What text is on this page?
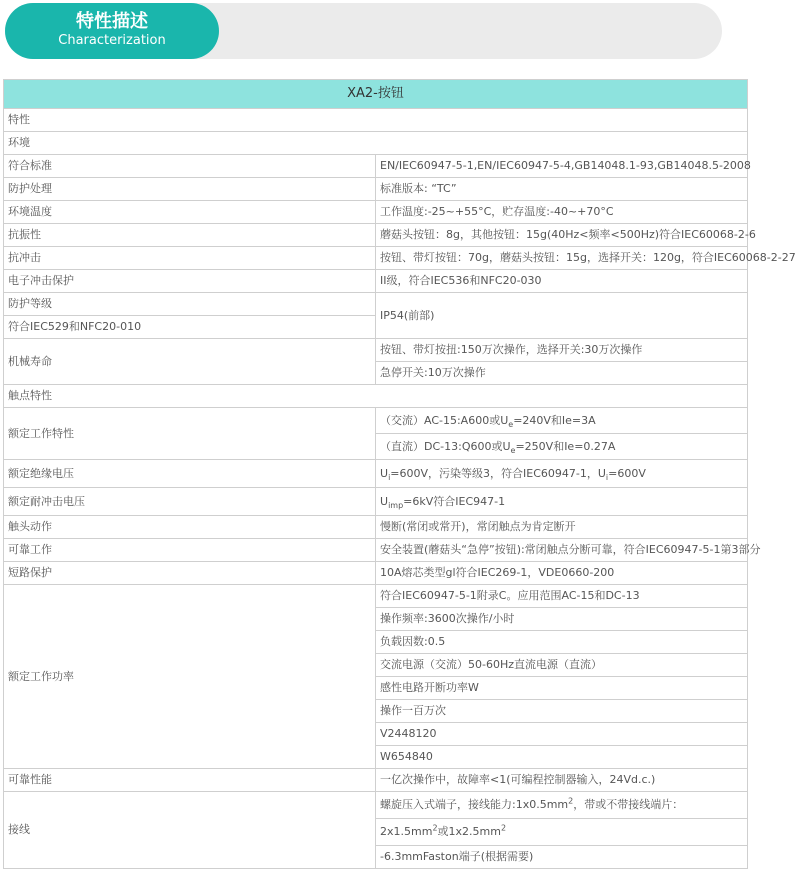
特性描述
Characterization
XA2-按钮	
特性	
环境	
符合标准	EN/IEC60947-5-1,EN/IEC60947-5-4,GB14048.1-93,GB14048.5-2008
防护处理	标准版本: “TC”
环境温度	工作温度:-25~+55°C，贮存温度:-40~+70°C
抗振性	蘑菇头按钮：8g，其他按钮：15g(40Hz<频率<500Hz)符合IEC60068-2-6
抗冲击	按钮、带灯按钮：70g，蘑菇头按钮：15g，选择开关：120g，符合IEC60068-2-27
电子冲击保护	II级，符合IEC536和NFC20-030
防护等级	IP54(前部)
符合IEC529和NFC20-010	
机械寿命	按钮、带灯按扭:150万次操作，选择开关:30万次操作
	急停开关:10万次操作
触点特性	
额定工作特性	（交流）AC-15:A600或$U_e=240V$和Ie=3A
	（直流）DC-13:Q600或$U_e=250V$和Ie=0.27A
额定绝缘电压	$U_i=600V$，污染等级3，符合IEC60947-1，$U_i=600V$
额定耐冲击电压	$U_{imp}=6kV$符合IEC947-1
触头动作	慢断(常闭或常开)，常闭触点为肯定断开
可靠工作	安全装置(蘑菇头“急停”按钮):常闭触点分断可靠，符合IEC60947-5-1第3部分
短路保护	10A熔芯类型gl符合IEC269-1，VDE0660-200
额定工作功率	符合IEC60947-5-1附录C。应用范围AC-15和DC-13
	操作频率:3600次操作/小时
	负载因数:0.5
	交流电源（交流）50-60Hz直流电源（直流）
	感性电路开断功率W
	操作一百万次
	V2448120
	W654840
可靠性能	一亿次操作中，故障率<1(可编程控制器输入，24Vd.c.)
接线	螺旋压入式端子，接线能力$:1x0.5mm^2$，带或不带接线端片：
	$2x1.5mm^2$或$1x2.5mm^2$
	-6.3mmFaston端子(根据需要)
